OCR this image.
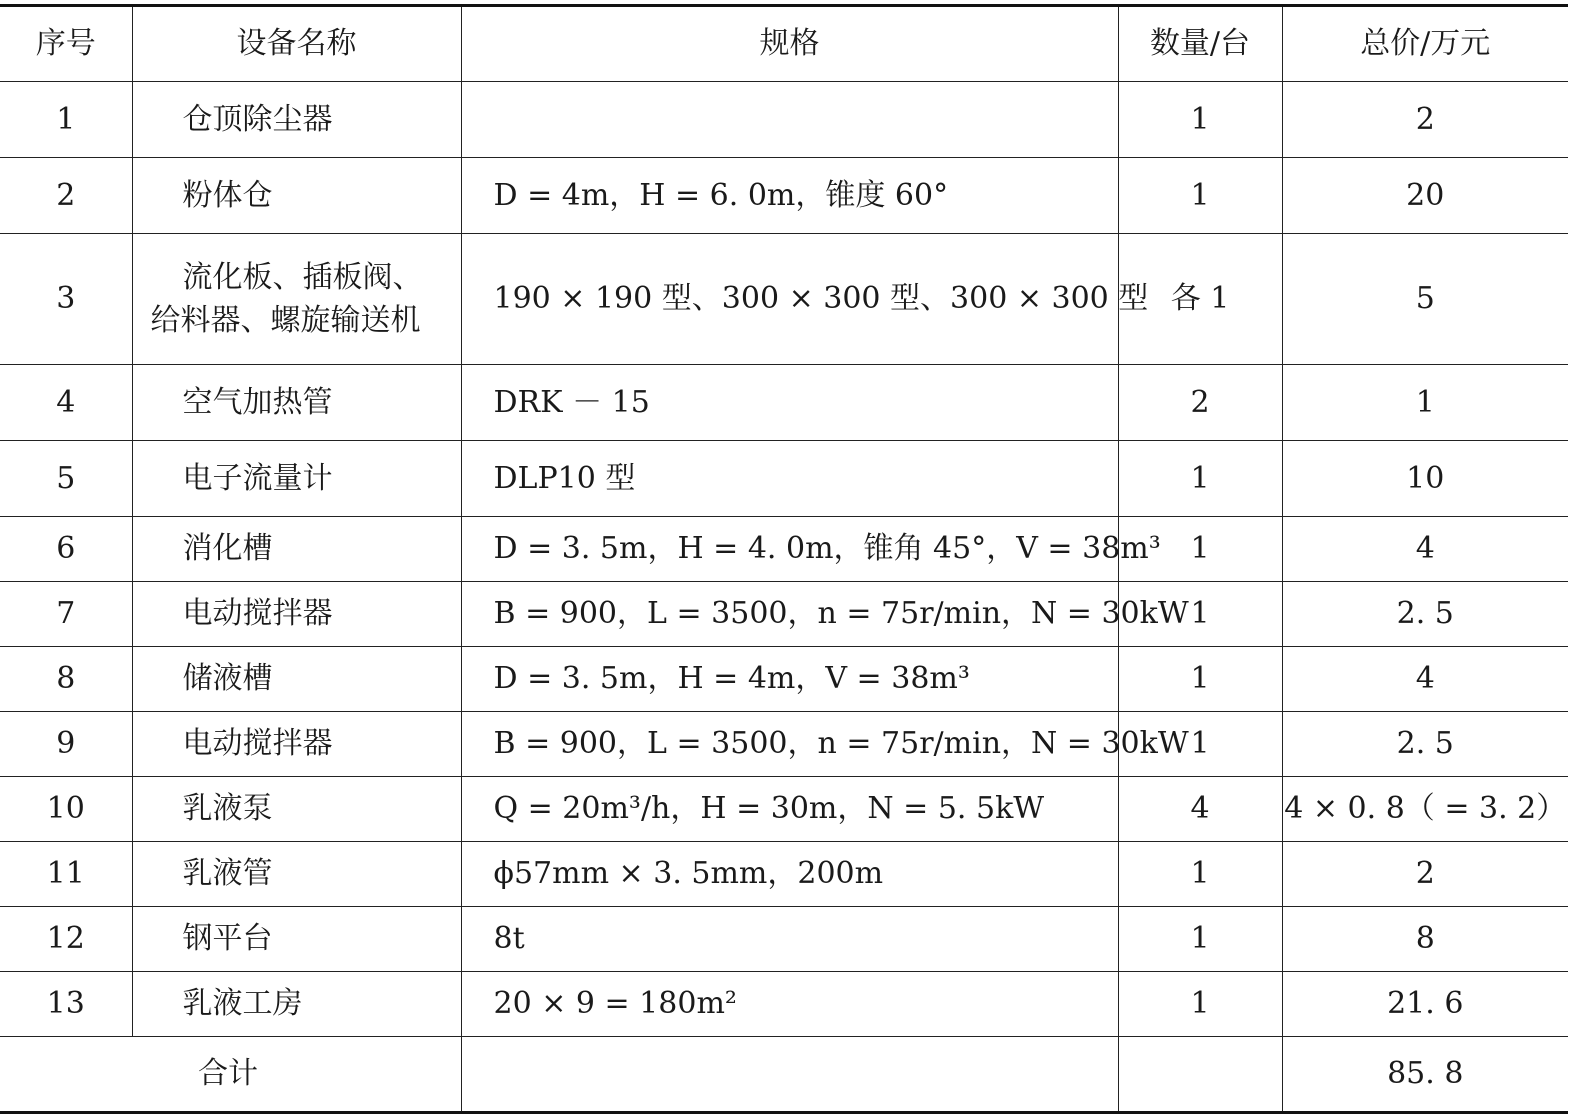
序号	设备名称	规格	数量/台	总价/万元
1	仓顶除尘器		1	2
2	粉体仓	D = 4m，H = 6. 0m，锥度 60°	1	20
3	流化板、插板阀、给料器、螺旋输送机	190 × 190 型、300 × 300 型、300 × 300 型	各 1	5
4	空气加热管	DRK － 15	2	1
5	电子流量计	DLP10 型	1	10
6	消化槽	D = 3. 5m，H = 4. 0m，锥角 45°，V = 38m³	1	4
7	电动搅拌器	B = 900，L = 3500，n = 75r/min，N = 30kW	1	2. 5
8	储液槽	D = 3. 5m，H = 4m，V = 38m³	1	4
9	电动搅拌器	B = 900，L = 3500，n = 75r/min，N = 30kW	1	2. 5
10	乳液泵	Q = 20m³/h，H = 30m，N = 5. 5kW	4	4 × 0. 8（ = 3. 2）
11	乳液管	ϕ57mm × 3. 5mm，200m	1	2
12	钢平台	8t	1	8
13	乳液工房	20 × 9 = 180m²	1	21. 6
合计				85. 8
